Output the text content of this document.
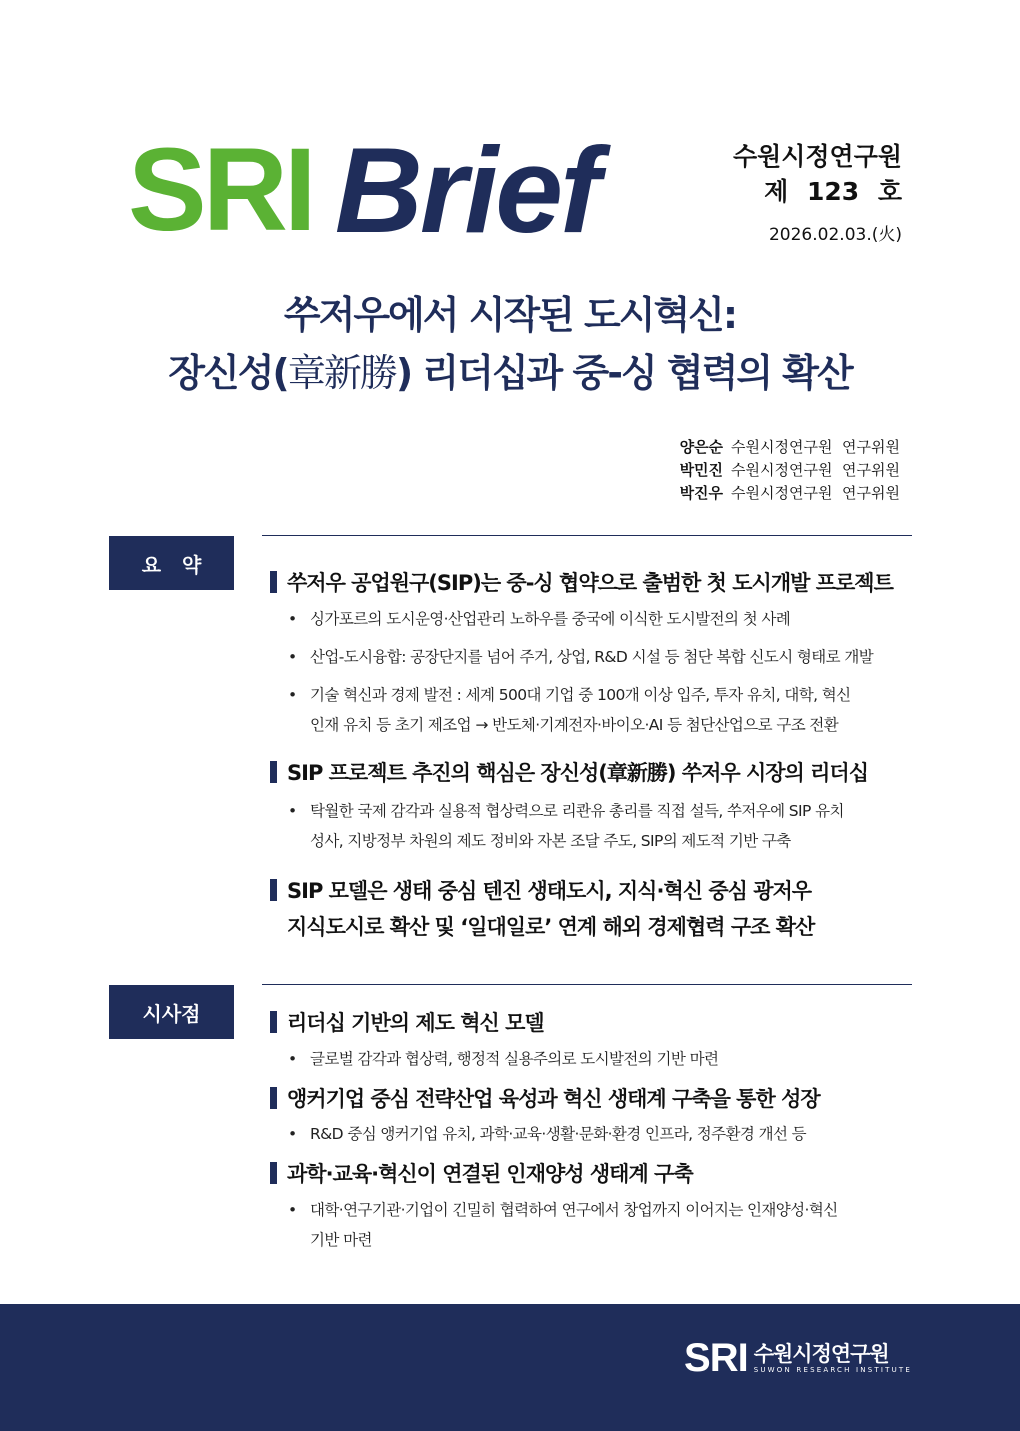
SRI Brief	수원시정연구원
제 123 호
2026.02.03.(火)
쑤저우에서 시작된 도시혁신:
장신성(章新勝) 리더십과 중-싱 협력의 확산
양은순 수원시정연구원 연구위원
박민진 수원시정연구원 연구위원
박진우 수원시정연구원 연구위원
요   약
쑤저우 공업원구(SIP)는 중-싱 협약으로 출범한 첫 도시개발 프로젝트
• 싱가포르의 도시운영·산업관리 노하우를 중국에 이식한 도시발전의 첫 사례
• 산업-도시융합: 공장단지를 넘어 주거, 상업, R&D 시설 등 첨단 복합 신도시 형태로 개발
• 기술 혁신과 경제 발전 : 세계 500대 기업 중 100개 이상 입주, 투자 유치, 대학, 혁신
인재 유치 등 초기 제조업 → 반도체·기계전자·바이오·AI 등 첨단산업으로 구조 전환
SIP 프로젝트 추진의 핵심은 장신성(章新勝) 쑤저우 시장의 리더십
• 탁월한 국제 감각과 실용적 협상력으로 리콴유 총리를 직접 설득, 쑤저우에 SIP 유치
성사, 지방정부 차원의 제도 정비와 자본 조달 주도, SIP의 제도적 기반 구축
SIP 모델은 생태 중심 텐진 생태도시, 지식·혁신 중심 광저우
지식도시로 확산 및 ‘일대일로’ 연계 해외 경제협력 구조 확산
시사점	리더십 기반의 제도 혁신 모델
• 글로벌 감각과 협상력, 행정적 실용주의로 도시발전의 기반 마련
앵커기업 중심 전략산업 육성과 혁신 생태계 구축을 통한 성장
• R&D 중심 앵커기업 유치, 과학·교육·생활·문화·환경 인프라, 정주환경 개선 등
과학·교육·혁신이 연결된 인재양성 생태계 구축
• 대학·연구기관·기업이 긴밀히 협력하여 연구에서 창업까지 이어지는 인재양성·혁신
기반 마련
SRI 수원시정연구원
SUWON RESEARCH INSTITUTE
